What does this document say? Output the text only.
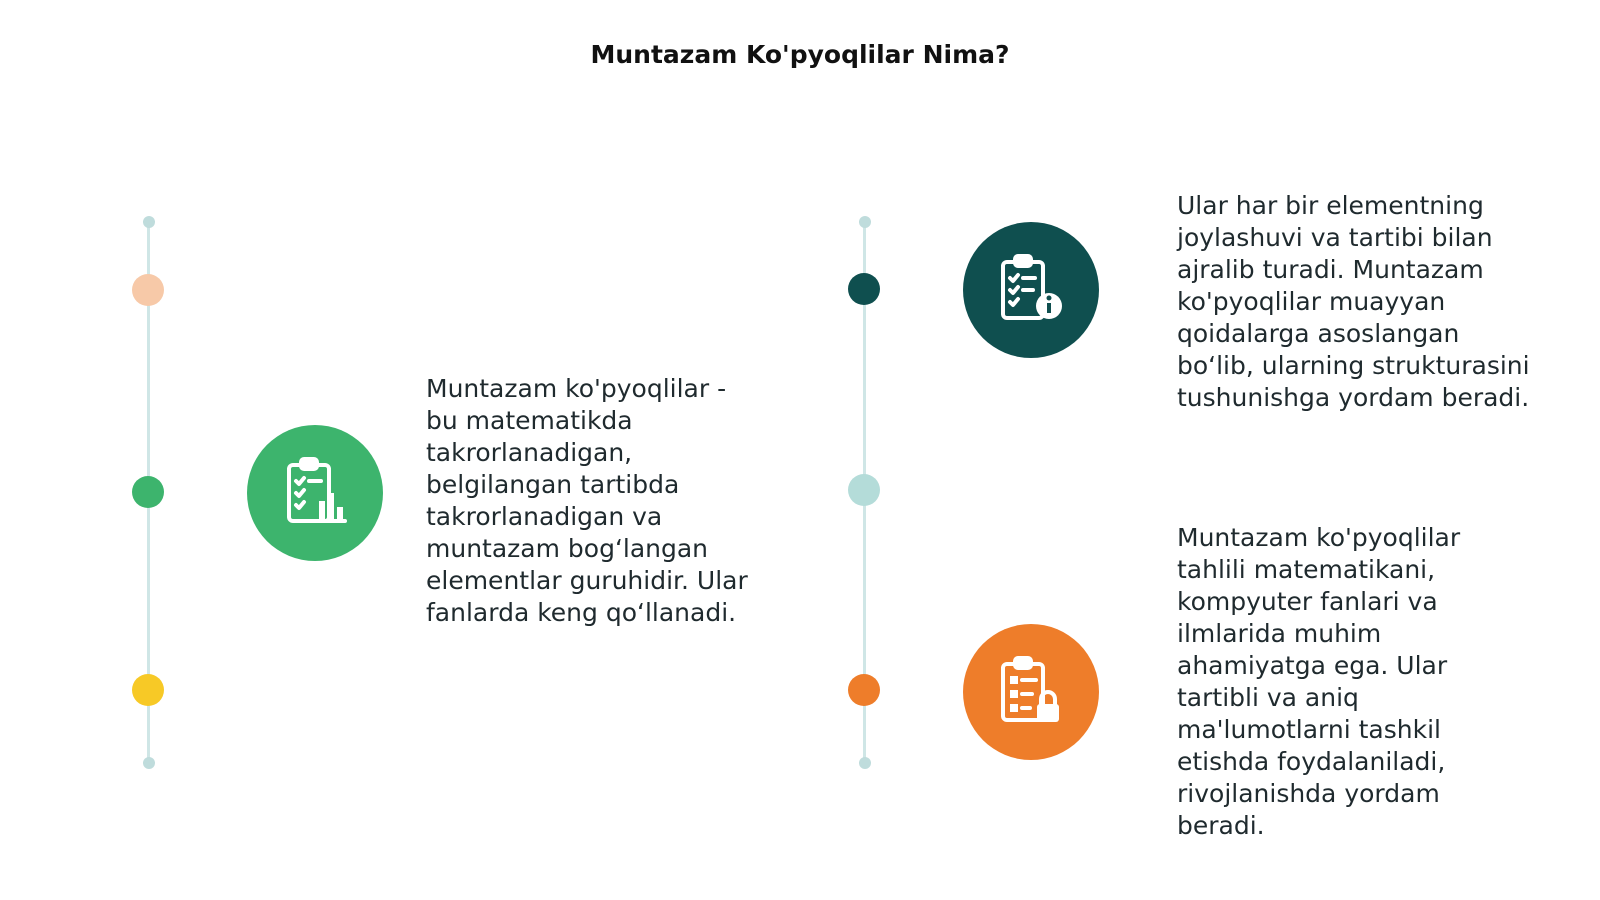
Muntazam Ko'pyoqlilar Nima?
Muntazam ko'pyoqlilar - bu matematikda takrorlanadigan, belgilangan tartibda takrorlanadigan va muntazam bog‘langan elementlar guruhidir. Ular fanlarda keng qo‘llanadi.
Ular har bir elementning joylashuvi va tartibi bilan ajralib turadi. Muntazam ko'pyoqlilar muayyan qoidalarga asoslangan bo‘lib, ularning strukturasini tushunishga yordam beradi.
Muntazam ko'pyoqlilar tahlili matematikani, kompyuter fanlari va ilmlarida muhim ahamiyatga ega. Ular tartibli va aniq ma'lumotlarni tashkil etishda foydalaniladi, rivojlanishda yordam beradi.
